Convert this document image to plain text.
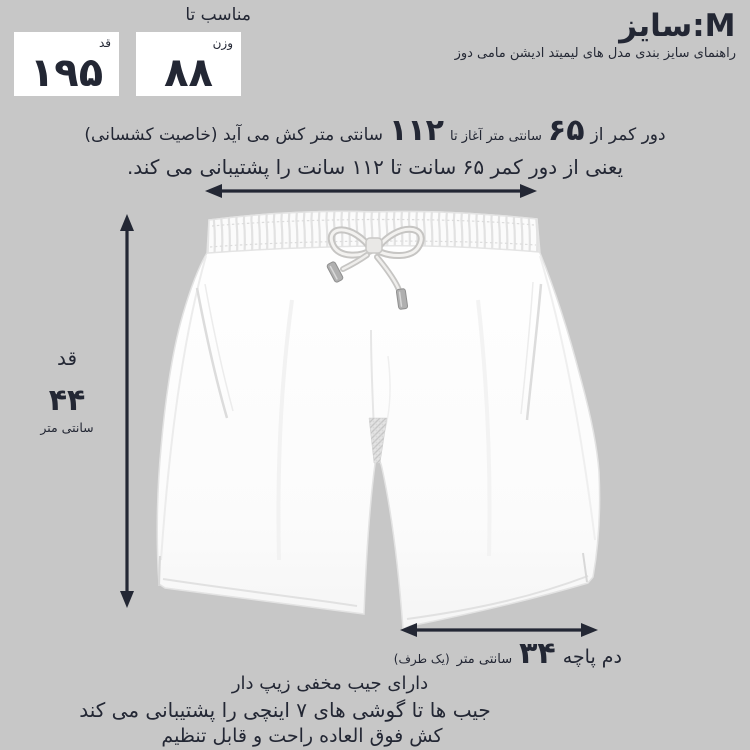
سایز:M
راهنمای سایز بندی مدل های لیمیتد ادیشن مامی دوز
مناسب تا
قد
۱۹۵
وزن
۸۸
دور کمر از
۶۵
سانتی متر آغاز تا
۱۱۲
سانتی متر کش می آید (خاصیت کشسانی)
یعنی از دور کمر ۶۵ سانت تا ۱۱۲ سانت را پشتیبانی می کند.
قد
۴۴
سانتی متر
دم پاچه
۳۴
سانتی متر
(یک طرف)
دارای جیب مخفی زیپ دار
جیب ها تا گوشی های ۷ اینچی را پشتیبانی می کند
کش فوق العاده راحت و قابل تنظیم
